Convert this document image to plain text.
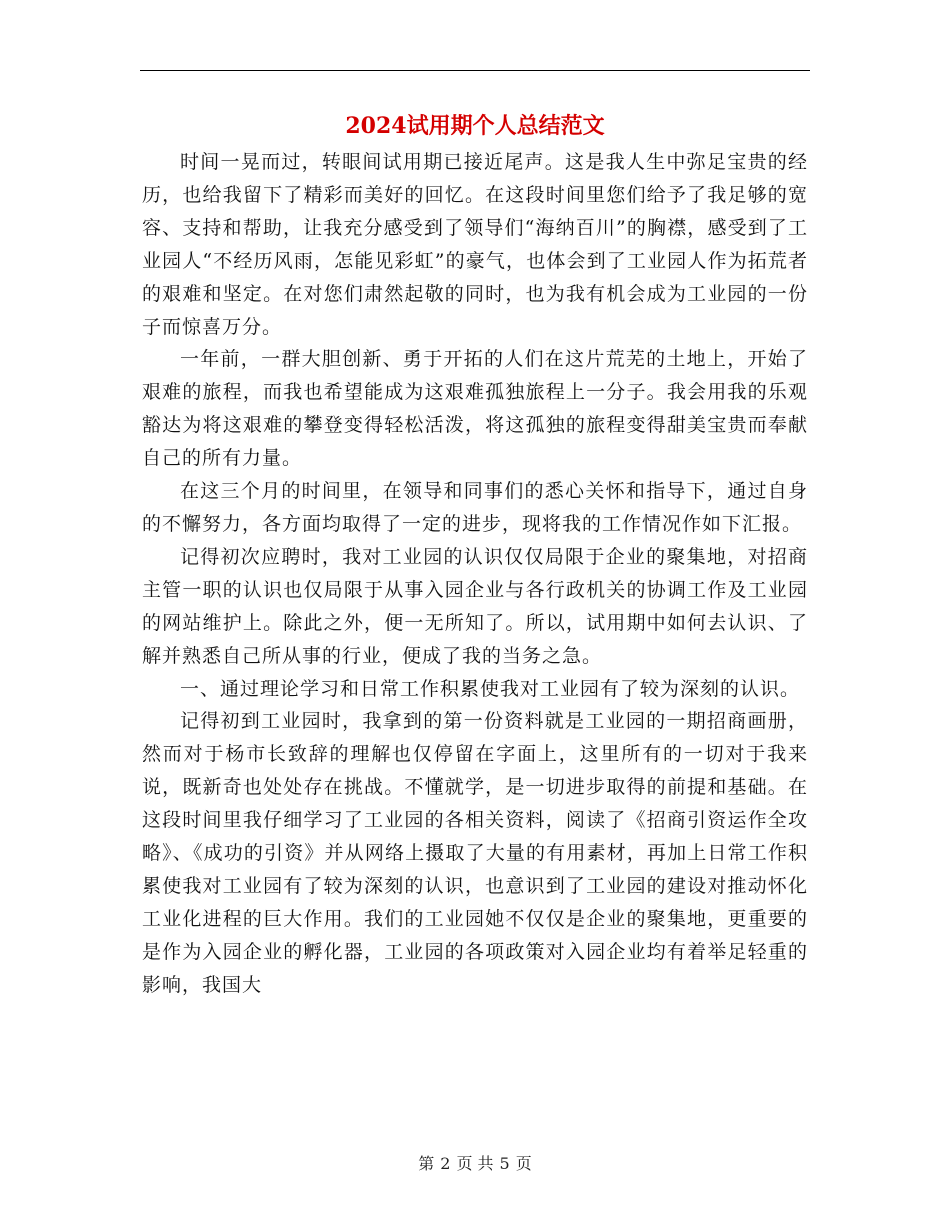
2024试用期个人总结范文

时间一晃而过，转眼间试用期已接近尾声。这是我人生中弥足宝贵的经历，也给我留下了精彩而美好的回忆。在这段时间里您们给予了我足够的宽容、支持和帮助，让我充分感受到了领导们“海纳百川”的胸襟，感受到了工业园人“不经历风雨，怎能见彩虹”的豪气，也体会到了工业园人作为拓荒者的艰难和坚定。在对您们肃然起敬的同时，也为我有机会成为工业园的一份子而惊喜万分。

一年前，一群大胆创新、勇于开拓的人们在这片荒芜的土地上，开始了艰难的旅程，而我也希望能成为这艰难孤独旅程上一分子。我会用我的乐观豁达为将这艰难的攀登变得轻松活泼，将这孤独的旅程变得甜美宝贵而奉献自己的所有力量。

在这三个月的时间里，在领导和同事们的悉心关怀和指导下，通过自身的不懈努力，各方面均取得了一定的进步，现将我的工作情况作如下汇报。

记得初次应聘时，我对工业园的认识仅仅局限于企业的聚集地，对招商主管一职的认识也仅局限于从事入园企业与各行政机关的协调工作及工业园的网站维护上。除此之外，便一无所知了。所以，试用期中如何去认识、了解并熟悉自己所从事的行业，便成了我的当务之急。

一、通过理论学习和日常工作积累使我对工业园有了较为深刻的认识。

记得初到工业园时，我拿到的第一份资料就是工业园的一期招商画册，然而对于杨市长致辞的理解也仅停留在字面上，这里所有的一切对于我来说，既新奇也处处存在挑战。不懂就学，是一切进步取得的前提和基础。在这段时间里我仔细学习了工业园的各相关资料，阅读了《招商引资运作全攻略》、《成功的引资》并从网络上摄取了大量的有用素材，再加上日常工作积累使我对工业园有了较为深刻的认识，也意识到了工业园的建设对推动怀化工业化进程的巨大作用。我们的工业园她不仅仅是企业的聚集地，更重要的是作为入园企业的孵化器，工业园的各项政策对入园企业均有着举足轻重的影响，我国大

第 2 页 共 5 页
